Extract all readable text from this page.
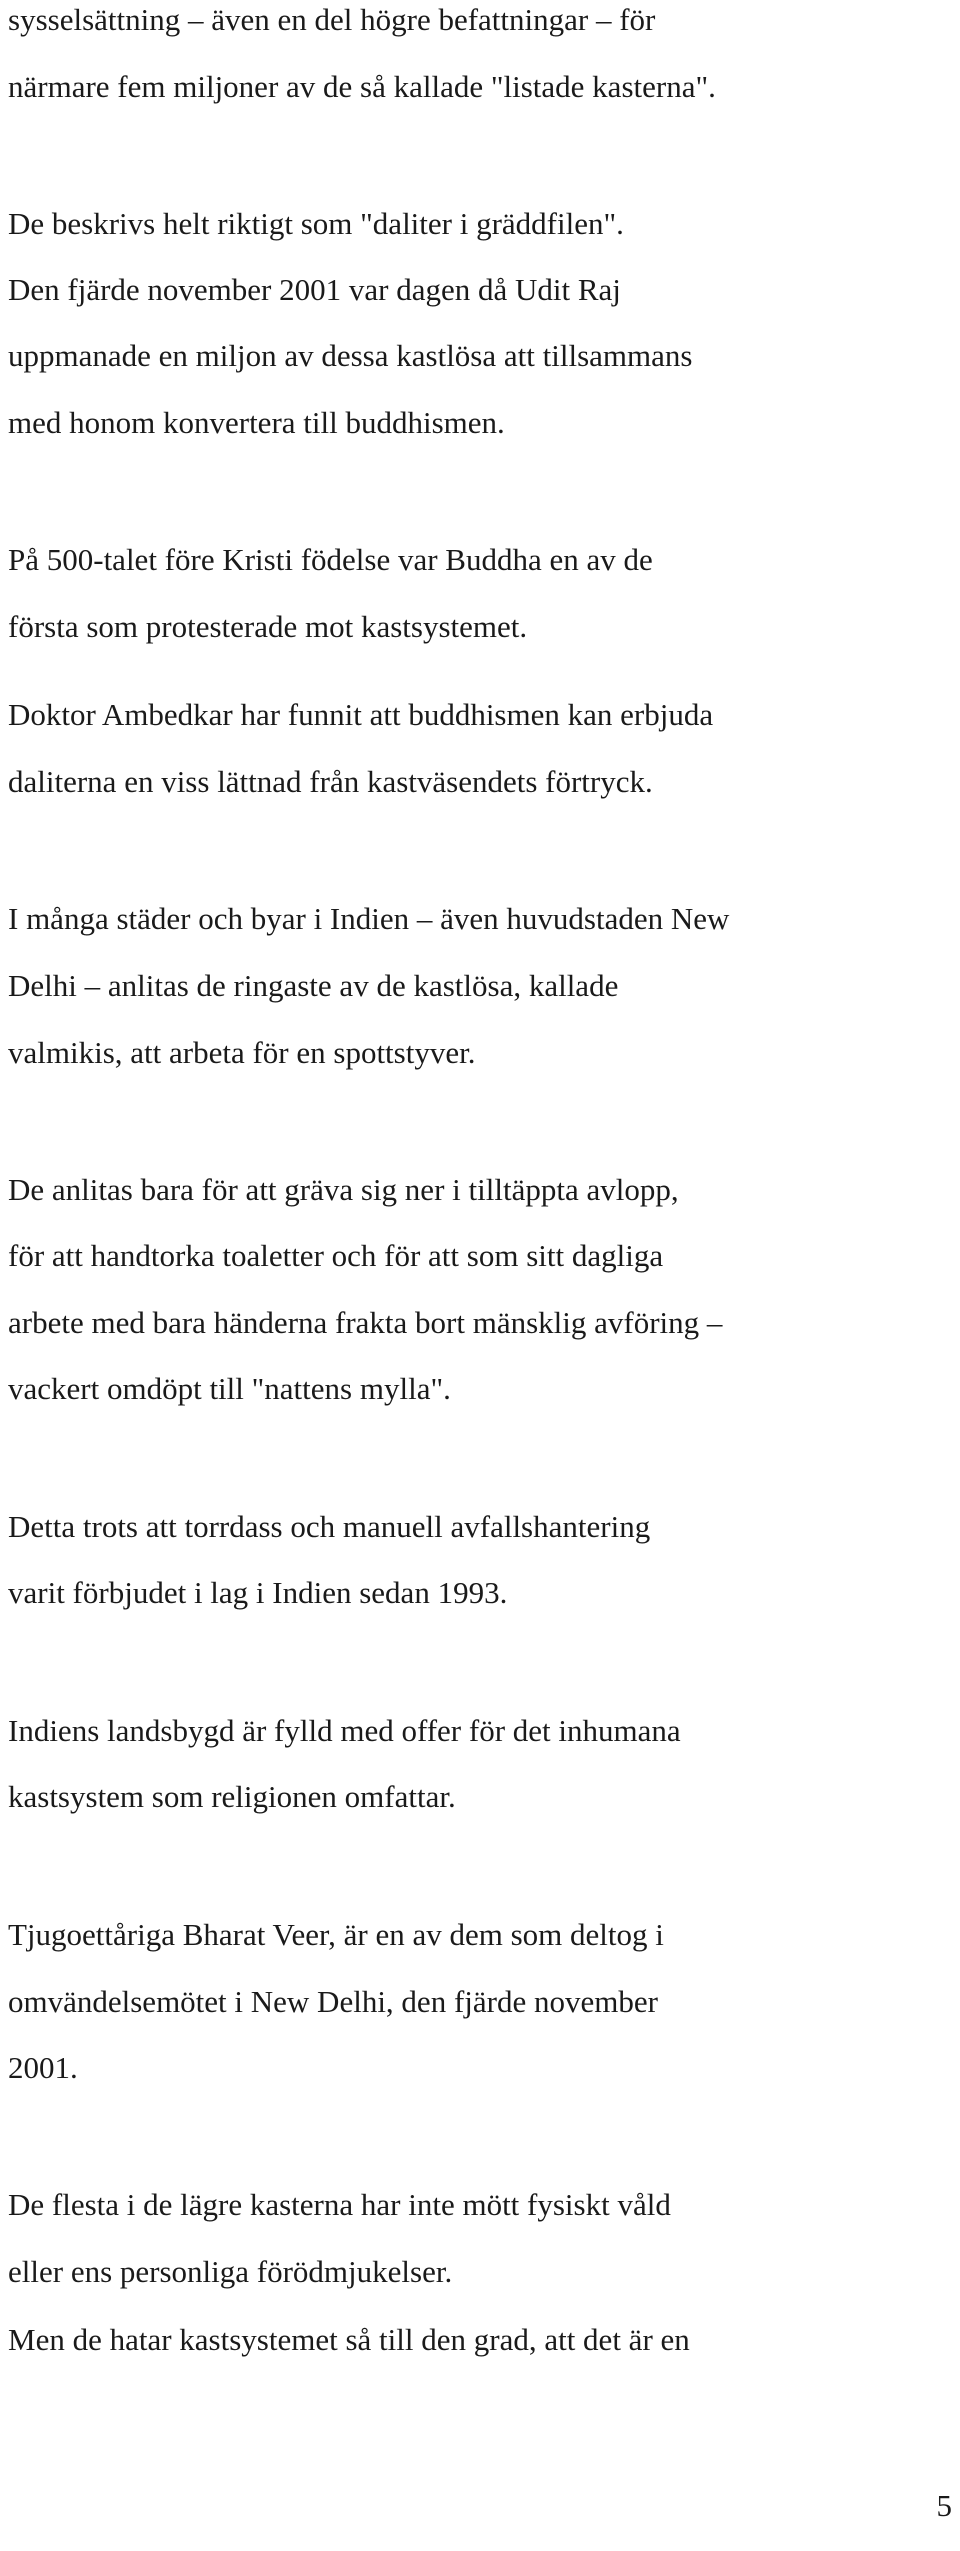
sysselsättning – även en del högre befattningar – för
närmare fem miljoner av de så kallade "listade kasterna".
De beskrivs helt riktigt som "daliter i gräddfilen".
Den fjärde november 2001 var dagen då Udit Raj
uppmanade en miljon av dessa kastlösa att tillsammans
med honom konvertera till buddhismen.
På 500-talet före Kristi födelse var Buddha en av de
första som protesterade mot kastsystemet.
Doktor Ambedkar har funnit att buddhismen kan erbjuda
daliterna en viss lättnad från kastväsendets förtryck.
I många städer och byar i Indien – även huvudstaden New
Delhi – anlitas de ringaste av de kastlösa, kallade
valmikis, att arbeta för en spottstyver.
De anlitas bara för att gräva sig ner i tilltäppta avlopp,
för att handtorka toaletter och för att som sitt dagliga
arbete med bara händerna frakta bort mänsklig avföring –
vackert omdöpt till "nattens mylla".
Detta trots att torrdass och manuell avfallshantering
varit förbjudet i lag i Indien sedan 1993.
Indiens landsbygd är fylld med offer för det inhumana
kastsystem som religionen omfattar.
Tjugoettåriga Bharat Veer, är en av dem som deltog i
omvändelsemötet i New Delhi, den fjärde november
2001.
De flesta i de lägre kasterna har inte mött fysiskt våld
eller ens personliga förödmjukelser.
Men de hatar kastsystemet så till den grad, att det är en
5
